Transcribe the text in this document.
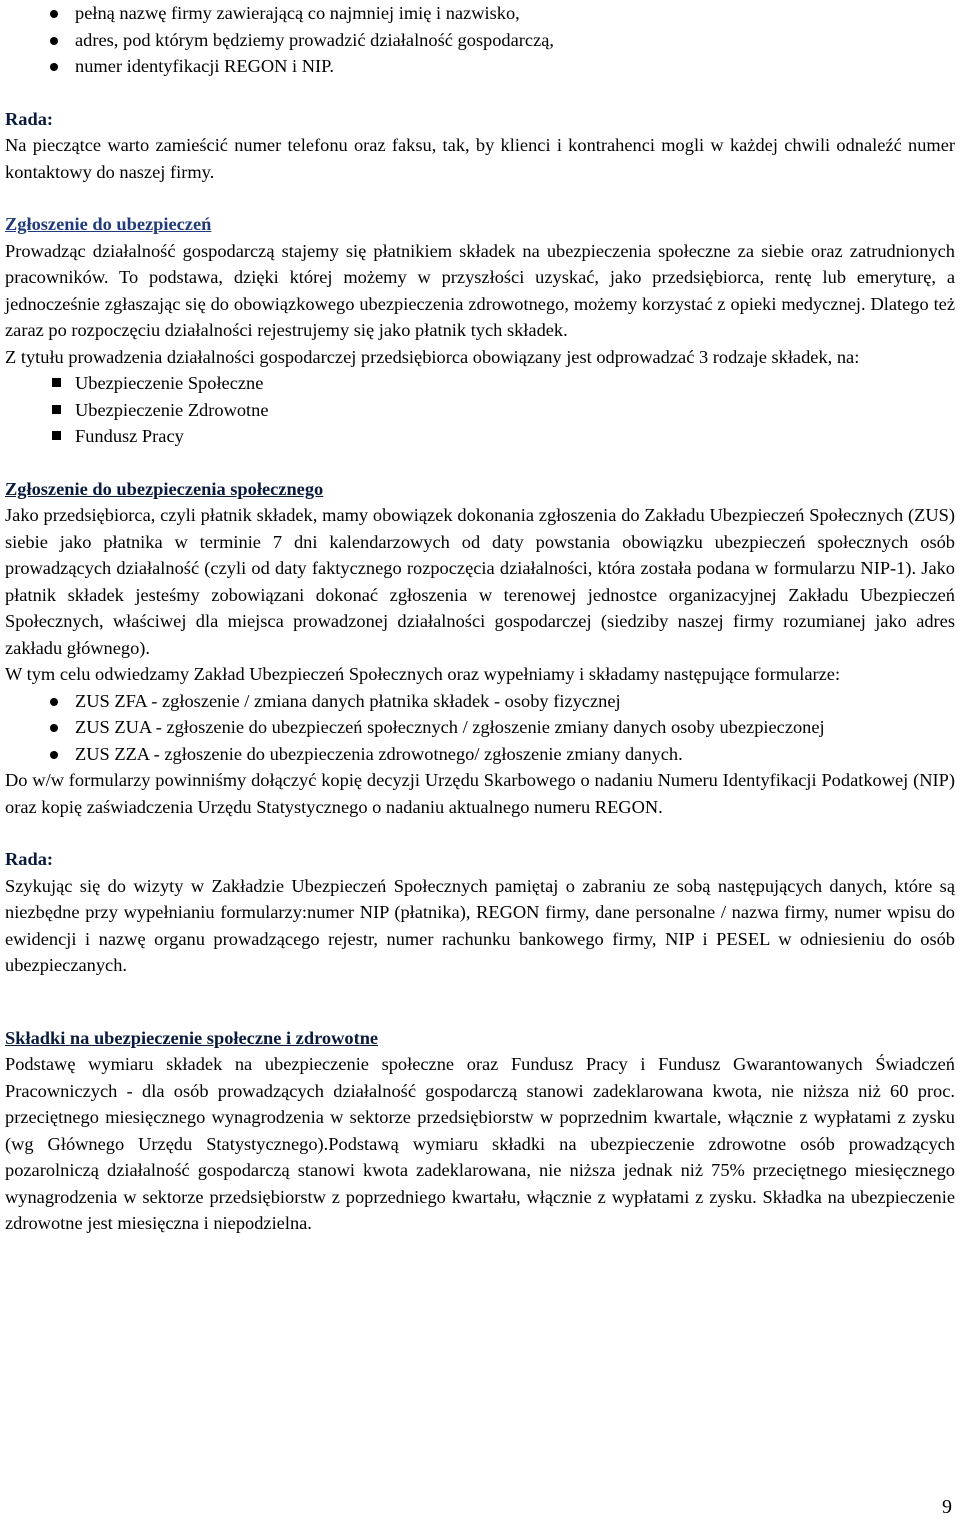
pełną nazwę firmy zawierającą co najmniej imię i nazwisko,
adres, pod którym będziemy prowadzić działalność gospodarczą,
numer identyfikacji REGON i NIP.
Rada:

Na pieczątce warto zamieścić numer telefonu oraz faksu, tak, by klienci i kontrahenci mogli w każdej chwili odnaleźć numer kontaktowy do naszej firmy.

Zgłoszenie do ubezpieczeń

Prowadząc działalność gospodarczą stajemy się płatnikiem składek na ubezpieczenia społeczne za siebie oraz zatrudnionych pracowników. To podstawa, dzięki której możemy w przyszłości uzyskać, jako przedsiębiorca, rentę lub emeryturę, a jednocześnie zgłaszając się do obowiązkowego ubezpieczenia zdrowotnego, możemy korzystać z opieki medycznej. Dlatego też zaraz po rozpoczęciu działalności rejestrujemy się jako płatnik tych składek.

Z tytułu prowadzenia działalności gospodarczej przedsiębiorca obowiązany jest odprowadzać 3 rodzaje składek, na:

Ubezpieczenie Społeczne
Ubezpieczenie Zdrowotne
Fundusz Pracy
Zgłoszenie do ubezpieczenia społecznego

Jako przedsiębiorca, czyli płatnik składek, mamy obowiązek dokonania zgłoszenia do Zakładu Ubezpieczeń Społecznych (ZUS) siebie jako płatnika w terminie 7 dni kalendarzowych od daty powstania obowiązku ubezpieczeń społecznych osób prowadzących działalność (czyli od daty faktycznego rozpoczęcia działalności, która została podana w formularzu NIP-1). Jako płatnik składek jesteśmy zobowiązani dokonać zgłoszenia w terenowej jednostce organizacyjnej Zakładu Ubezpieczeń Społecznych, właściwej dla miejsca prowadzonej działalności gospodarczej (siedziby naszej firmy rozumianej jako adres zakładu głównego).

W tym celu odwiedzamy Zakład Ubezpieczeń Społecznych oraz wypełniamy i składamy następujące formularze:

ZUS ZFA - zgłoszenie / zmiana danych płatnika składek - osoby fizycznej
ZUS ZUA - zgłoszenie do ubezpieczeń społecznych / zgłoszenie zmiany danych osoby ubezpieczonej
ZUS ZZA - zgłoszenie do ubezpieczenia zdrowotnego/ zgłoszenie zmiany danych.

Do w/w formularzy powinniśmy dołączyć kopię decyzji Urzędu Skarbowego o nadaniu Numeru Identyfikacji Podatkowej (NIP) oraz kopię zaświadczenia Urzędu Statystycznego o nadaniu aktualnego numeru REGON.

Rada:

Szykując się do wizyty w Zakładzie Ubezpieczeń Społecznych pamiętaj o zabraniu ze sobą następujących danych, które są niezbędne przy wypełnianiu formularzy:numer NIP (płatnika), REGON firmy, dane personalne / nazwa firmy, numer wpisu do ewidencji i nazwę organu prowadzącego rejestr, numer rachunku bankowego firmy, NIP i PESEL w odniesieniu do osób ubezpieczanych.

Składki na ubezpieczenie społeczne i zdrowotne

Podstawę wymiaru składek na ubezpieczenie społeczne oraz Fundusz Pracy i Fundusz Gwarantowanych Świadczeń Pracowniczych - dla osób prowadzących działalność gospodarczą stanowi zadeklarowana kwota, nie niższa niż 60 proc. przeciętnego miesięcznego wynagrodzenia w sektorze przedsiębiorstw w poprzednim kwartale, włącznie z wypłatami z zysku (wg Głównego Urzędu Statystycznego).Podstawą wymiaru składki na ubezpieczenie zdrowotne osób prowadzących pozarolniczą działalność gospodarczą stanowi kwota zadeklarowana, nie niższa jednak niż 75% przeciętnego miesięcznego wynagrodzenia w sektorze przedsiębiorstw z poprzedniego kwartału, włącznie z wypłatami z zysku. Składka na ubezpieczenie zdrowotne jest miesięczna i niepodzielna.

9
